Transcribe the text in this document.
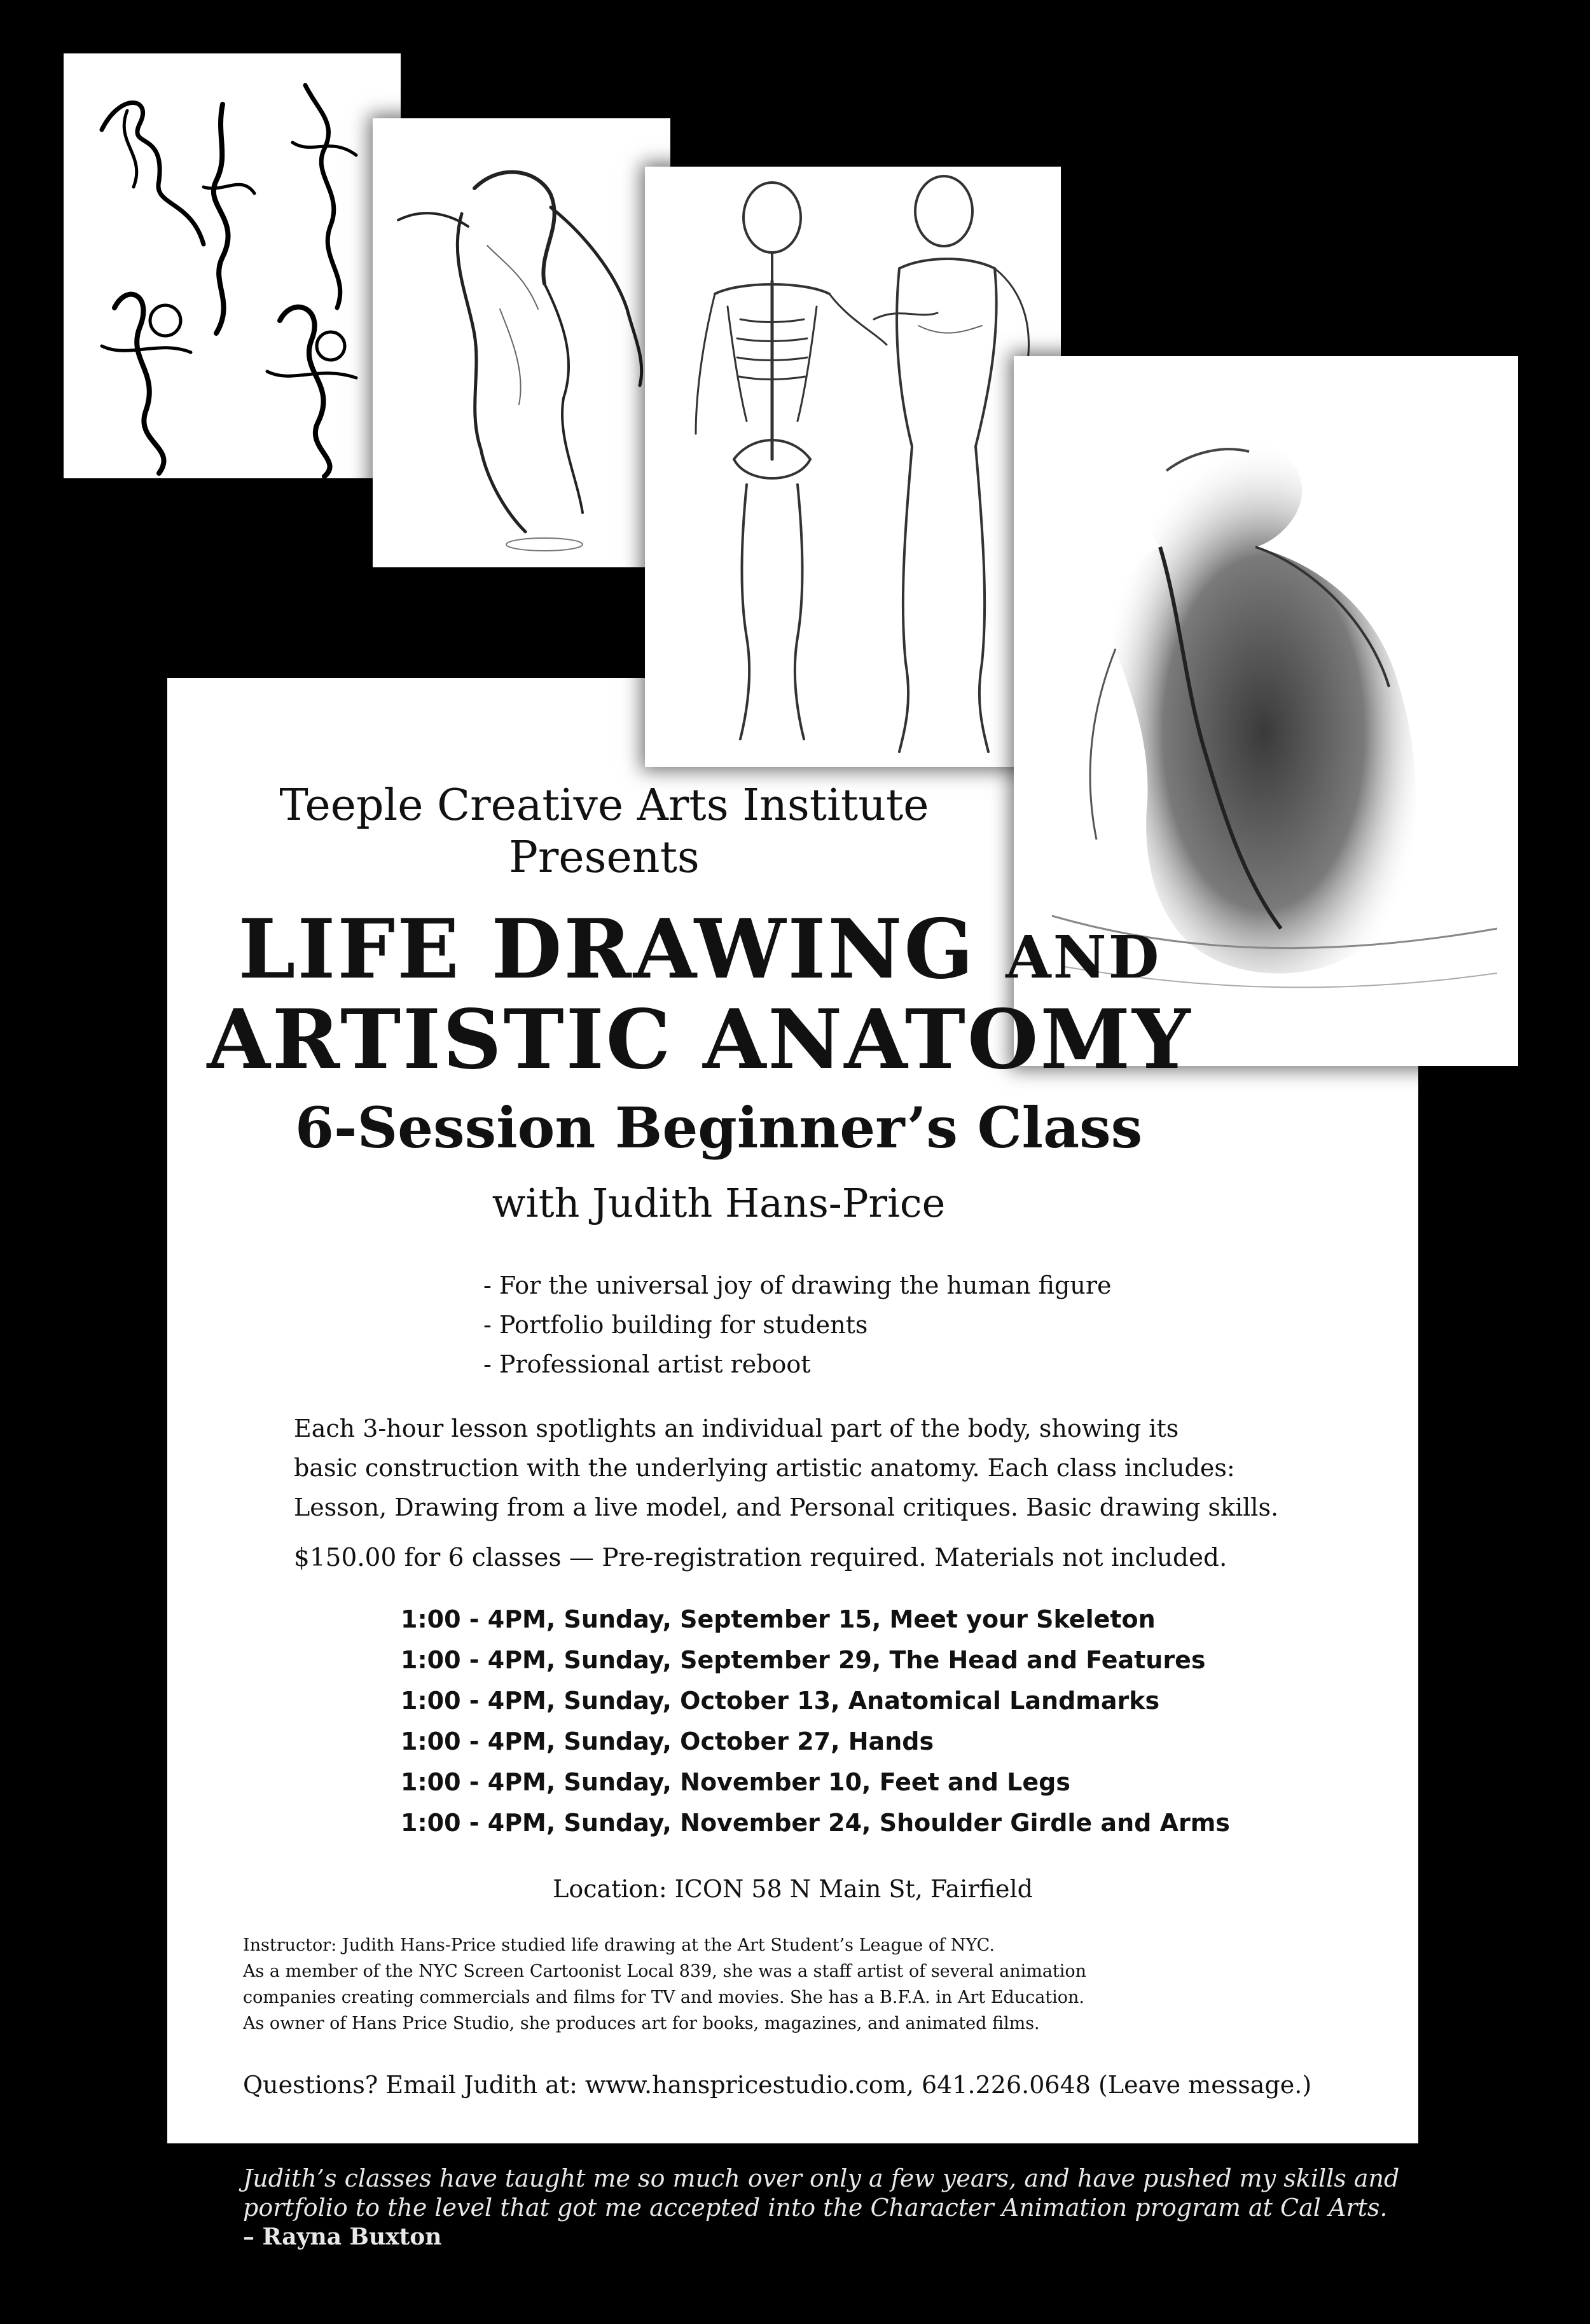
Teeple Creative Arts Institute
Presents
LIFE DRAWING AND
ARTISTIC ANATOMY
6-Session Beginner’s Class
with Judith Hans-Price
- For the universal joy of drawing the human figure
- Portfolio building for students
- Professional artist reboot
Each 3-hour lesson spotlights an individual part of the body, showing its
basic construction with the underlying artistic anatomy. Each class includes:
Lesson, Drawing from a live model, and Personal critiques. Basic drawing skills.
$150.00 for 6 classes — Pre-registration required. Materials not included.
1:00 - 4PM, Sunday, September 15, Meet your Skeleton
1:00 - 4PM, Sunday, September 29, The Head and Features
1:00 - 4PM, Sunday, October 13, Anatomical Landmarks
1:00 - 4PM, Sunday, October 27, Hands
1:00 - 4PM, Sunday, November 10, Feet and Legs
1:00 - 4PM, Sunday, November 24, Shoulder Girdle and Arms
Location: ICON 58 N Main St, Fairfield
Instructor: Judith Hans-Price studied life drawing at the Art Student’s League of NYC.
As a member of the NYC Screen Cartoonist Local 839, she was a staff artist of several animation
companies creating commercials and films for TV and movies. She has a B.F.A. in Art Education.
As owner of Hans Price Studio, she produces art for books, magazines, and animated films.
Questions? Email Judith at: www.hanspricestudio.com, 641.226.0648 (Leave message.)
Judith’s classes have taught me so much over only a few years, and have pushed my skills and
portfolio to the level that got me accepted into the Character Animation program at Cal Arts.
– Rayna Buxton
